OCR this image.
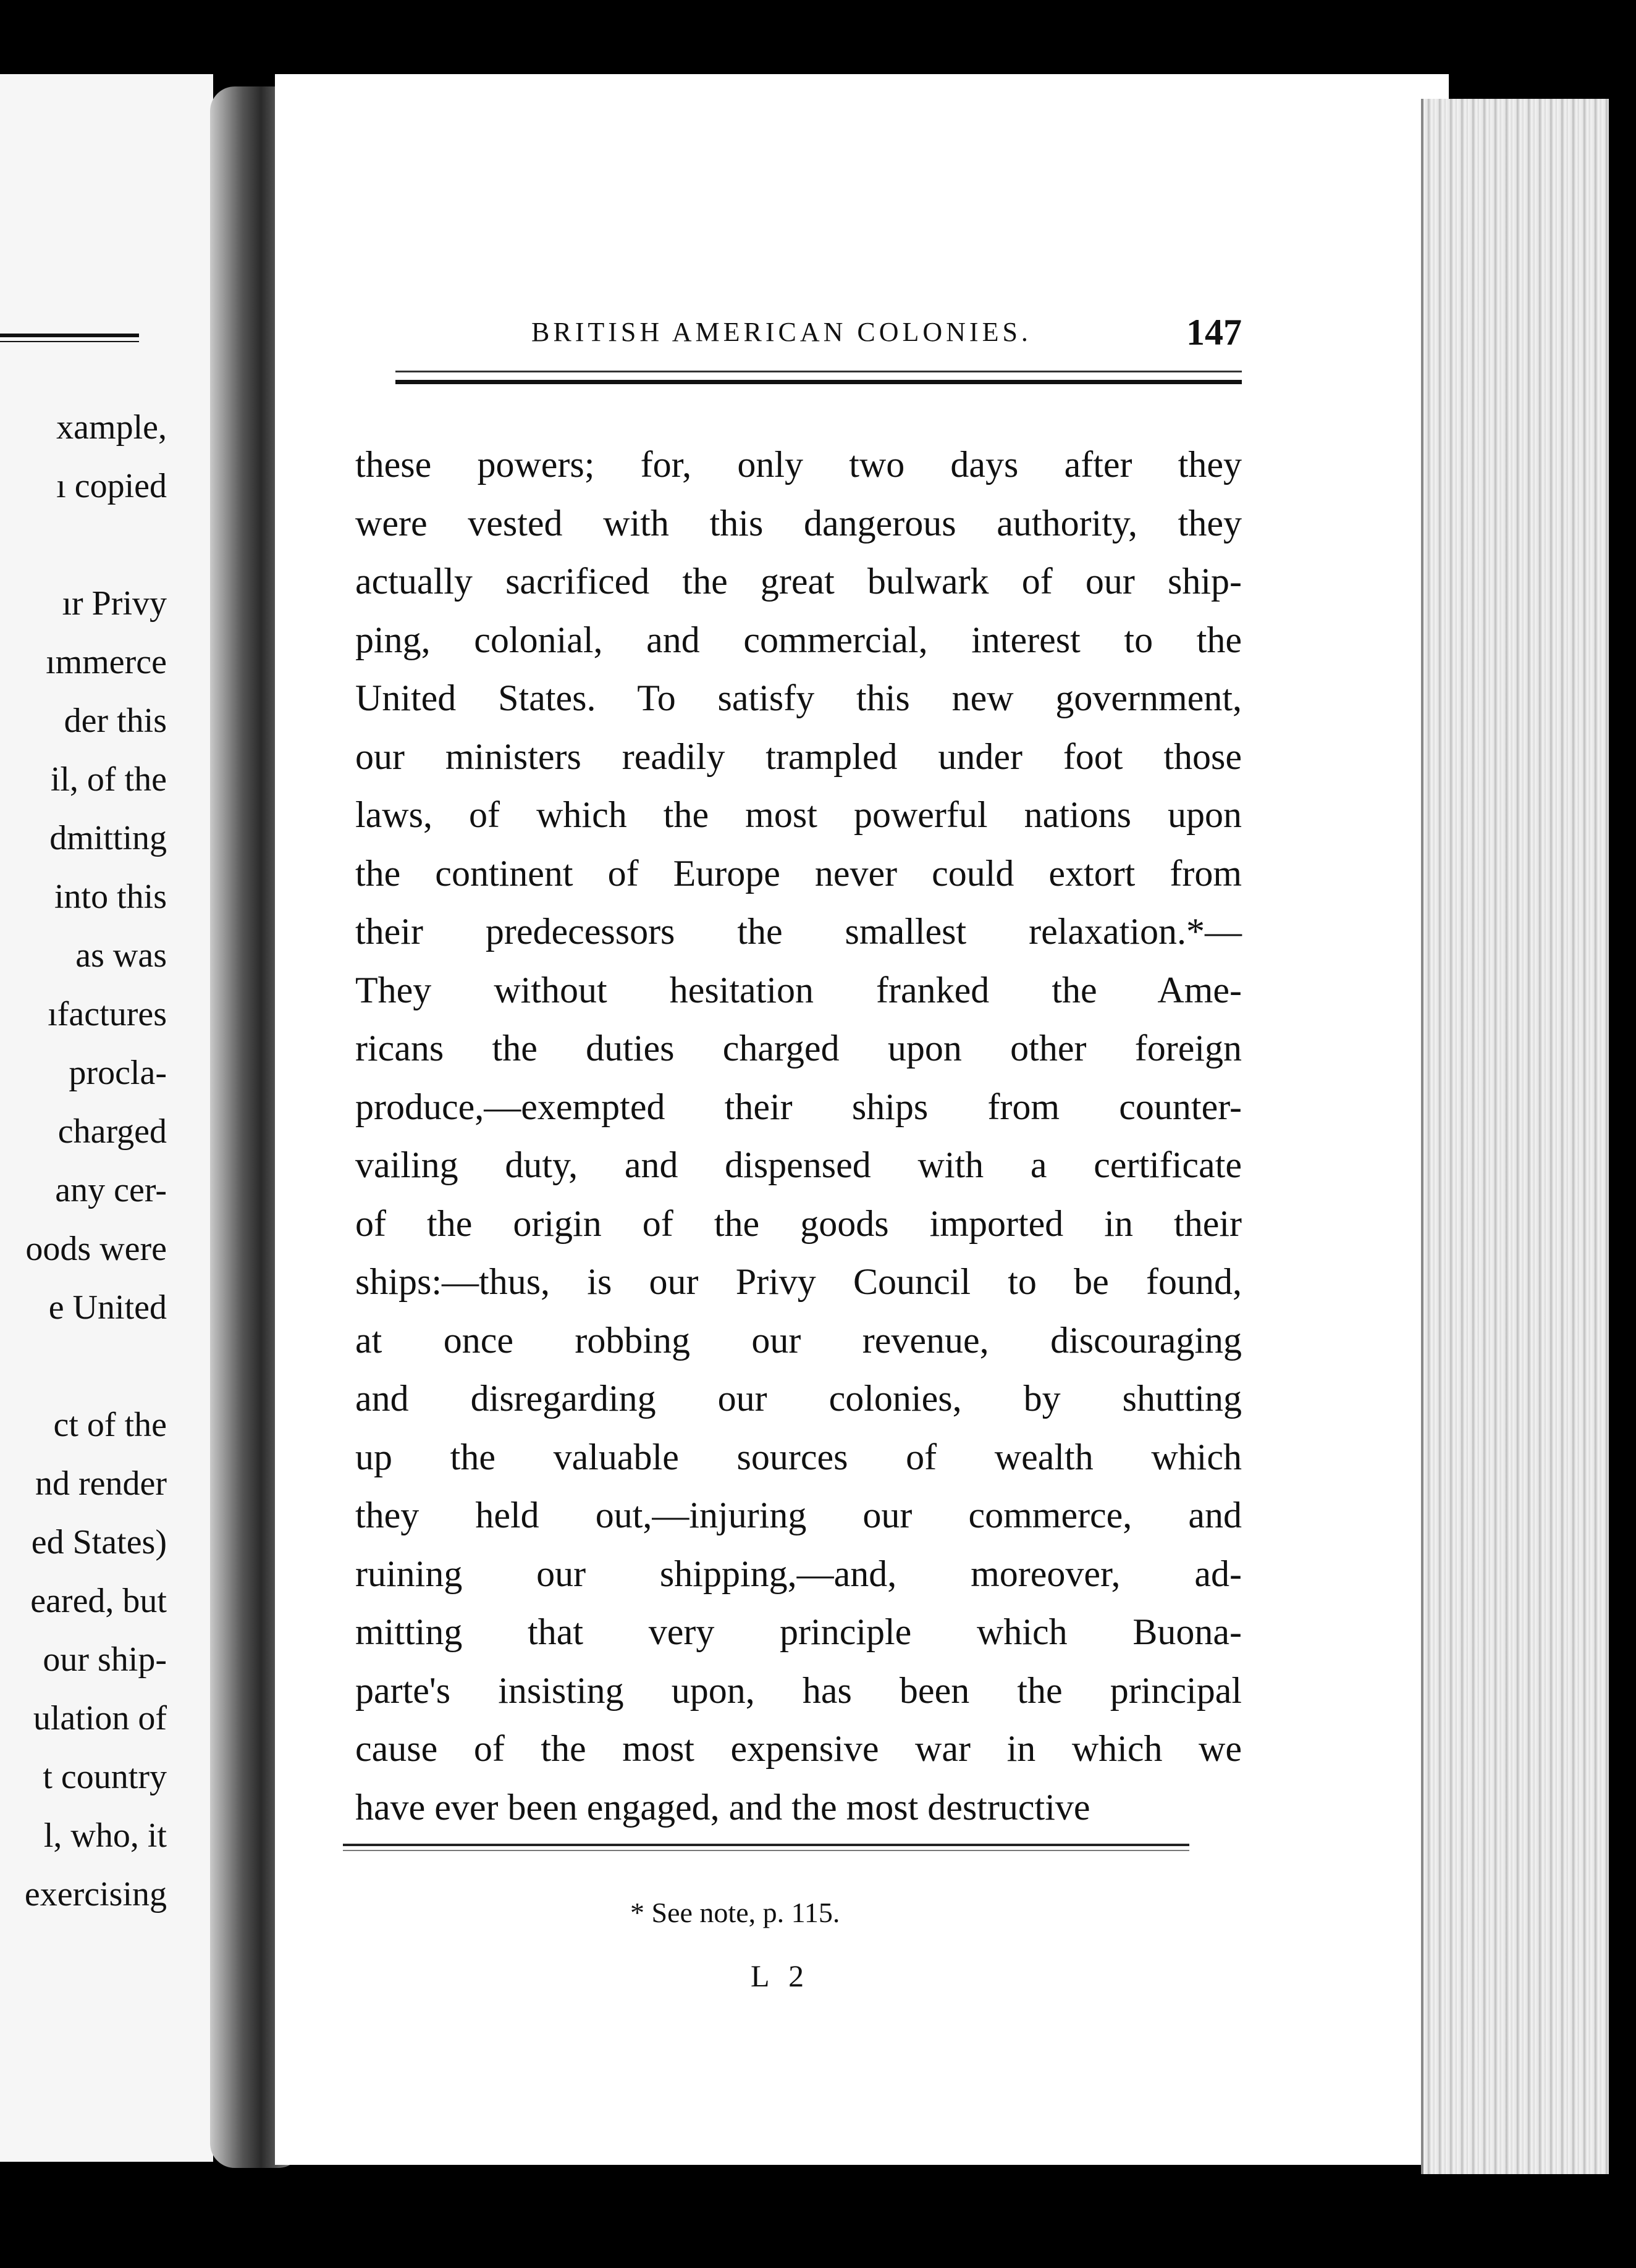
xample,
ı copied
ır Privy
ımmerce
der this
il, of the
dmitting
into this
as was
ıfactures
procla-
charged
any cer-
oods were
e United
ct of the
nd render
ed States)
eared, but
our ship-
ulation of
t country
l, who, it
exercising
BRITISH AMERICAN COLONIES.	147
these powers; for, only two days after they
were vested with this dangerous authority, they
actually sacrificed the great bulwark of our ship-
ping, colonial, and commercial, interest to the
United States. To satisfy this new government,
our ministers readily trampled under foot those
laws, of which the most powerful nations upon
the continent of Europe never could extort from
their predecessors the smallest relaxation.*—
They without hesitation franked the Ame-
ricans the duties charged upon other foreign
produce,—exempted their ships from counter-
vailing duty, and dispensed with a certificate
of the origin of the goods imported in their
ships:—thus, is our Privy Council to be found,
at once robbing our revenue, discouraging
and disregarding our colonies, by shutting
up the valuable sources of wealth which
they held out,—injuring our commerce, and
ruining our shipping,—and, moreover, ad-
mitting that very principle which Buona-
parte's insisting upon, has been the principal
cause of the most expensive war in which we
have ever been engaged, and the most destructive
* See note, p. 115.
L 2
